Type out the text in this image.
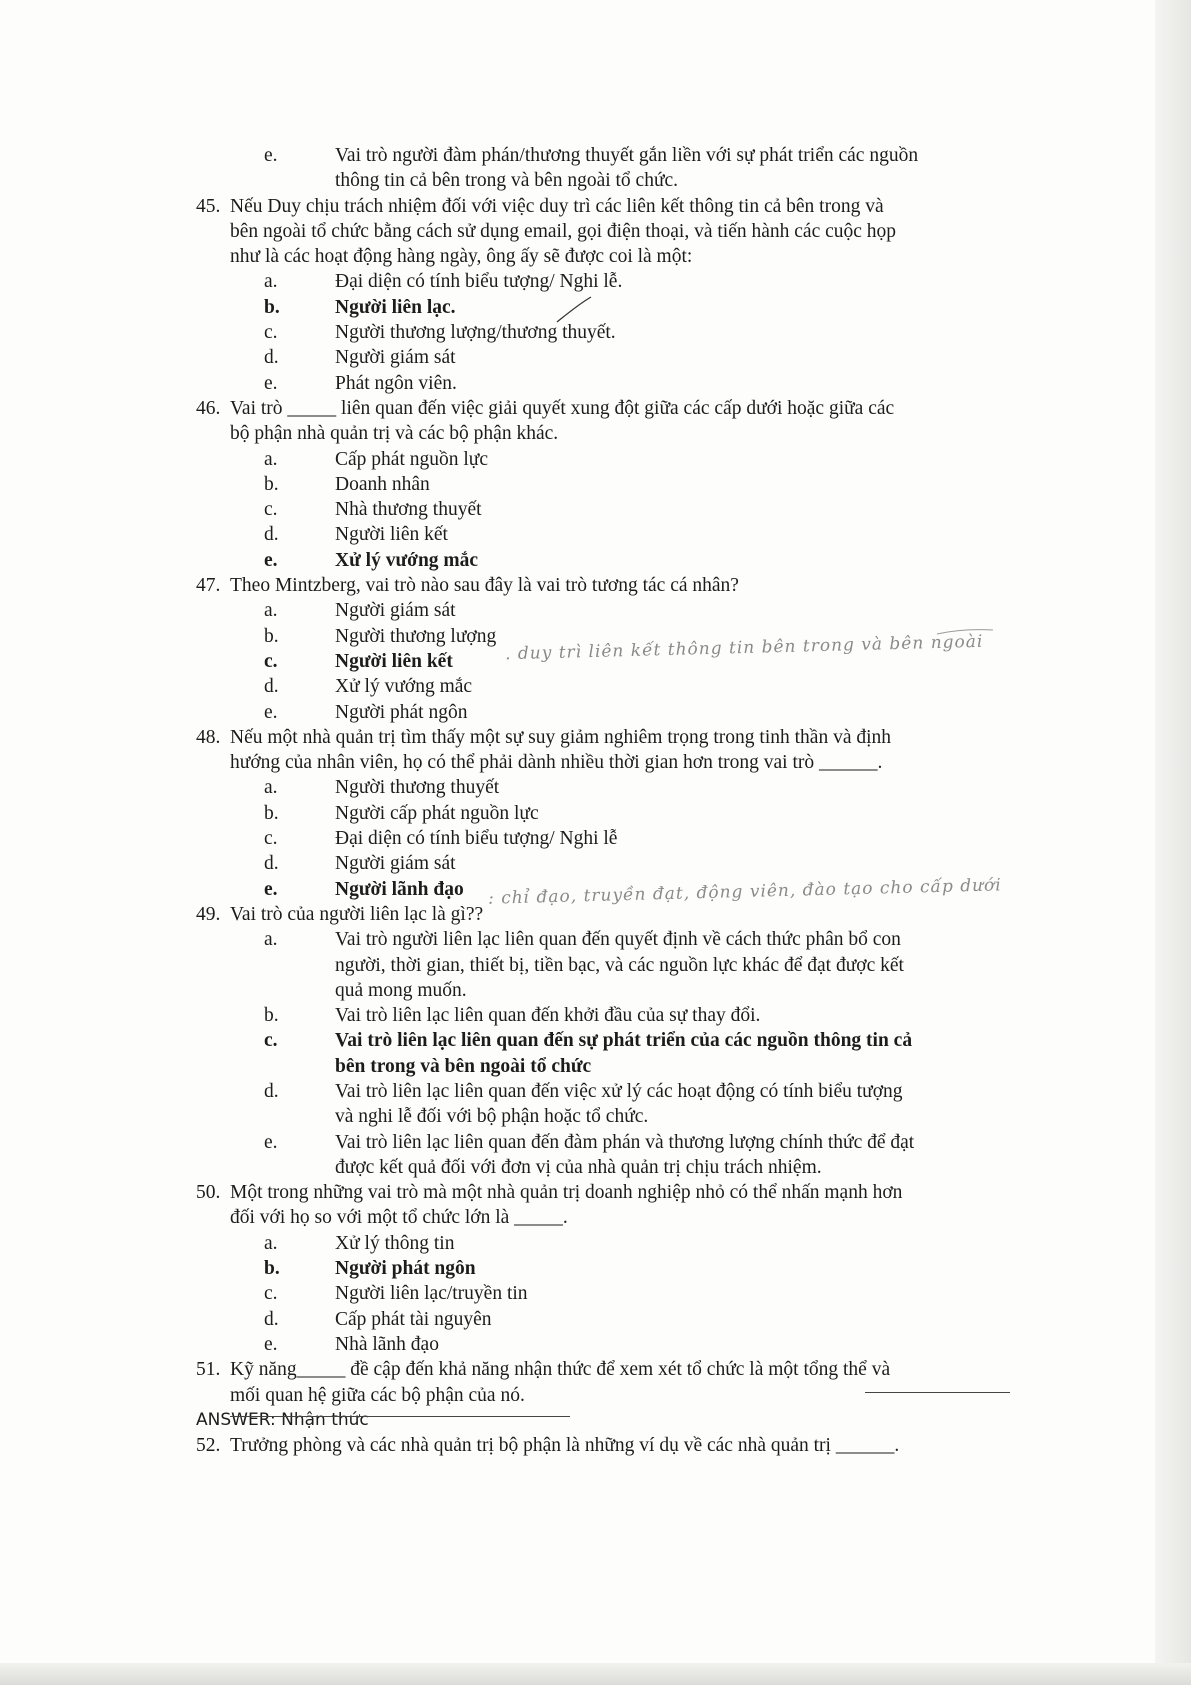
e.	Vai trò người đàm phán/thương thuyết gắn liền với sự phát triển các nguồn
thông tin cả bên trong và bên ngoài tổ chức.
45. Nếu Duy chịu trách nhiệm đối với việc duy trì các liên kết thông tin cả bên trong và
bên ngoài tổ chức bằng cách sử dụng email, gọi điện thoại, và tiến hành các cuộc họp
như là các hoạt động hàng ngày, ông ấy sẽ được coi là một:
a.	Đại diện có tính biểu tượng/ Nghi lễ.
b.	Người liên lạc.
c.	Người thương lượng/thương thuyết.
d.	Người giám sát
e.	Phát ngôn viên.
46. Vai trò _____ liên quan đến việc giải quyết xung đột giữa các cấp dưới hoặc giữa các
bộ phận nhà quản trị và các bộ phận khác.
a.	Cấp phát nguồn lực
b.	Doanh nhân
c.	Nhà thương thuyết
d.	Người liên kết
e.	Xử lý vướng mắc
47. Theo Mintzberg, vai trò nào sau đây là vai trò tương tác cá nhân?
a.	Người giám sát
b.	Người thương lượng
c.	Người liên kết
d.	Xử lý vướng mắc
e.	Người phát ngôn
48. Nếu một nhà quản trị tìm thấy một sự suy giảm nghiêm trọng trong tinh thần và định
hướng của nhân viên, họ có thể phải dành nhiều thời gian hơn trong vai trò ______.
a.	Người thương thuyết
b.	Người cấp phát nguồn lực
c.	Đại diện có tính biểu tượng/ Nghi lễ
d.	Người giám sát
e.	Người lãnh đạo
49. Vai trò của người liên lạc là gì??
a.	Vai trò người liên lạc liên quan đến quyết định về cách thức phân bổ con
người, thời gian, thiết bị, tiền bạc, và các nguồn lực khác để đạt được kết
quả mong muốn.
b.	Vai trò liên lạc liên quan đến khởi đầu của sự thay đổi.
c.	Vai trò liên lạc liên quan đến sự phát triển của các nguồn thông tin cả
bên trong và bên ngoài tổ chức
d.	Vai trò liên lạc liên quan đến việc xử lý các hoạt động có tính biểu tượng
và nghi lễ đối với bộ phận hoặc tổ chức.
e.	Vai trò liên lạc liên quan đến đàm phán và thương lượng chính thức để đạt
được kết quả đối với đơn vị của nhà quản trị chịu trách nhiệm.
50. Một trong những vai trò mà một nhà quản trị doanh nghiệp nhỏ có thể nhấn mạnh hơn
đối với họ so với một tổ chức lớn là _____.
a.	Xử lý thông tin
b.	Người phát ngôn
c.	Người liên lạc/truyền tin
d.	Cấp phát tài nguyên
e.	Nhà lãnh đạo
51. Kỹ năng_____ đề cập đến khả năng nhận thức để xem xét tổ chức là một tổng thể và
mối quan hệ giữa các bộ phận của nó.
ANSWER: Nhận thức
52. Trưởng phòng và các nhà quản trị bộ phận là những ví dụ về các nhà quản trị ______.
. duy trì liên kết thông tin bên trong và bên ngoài
: chỉ đạo, truyền đạt, động viên, đào tạo cho cấp dưới
